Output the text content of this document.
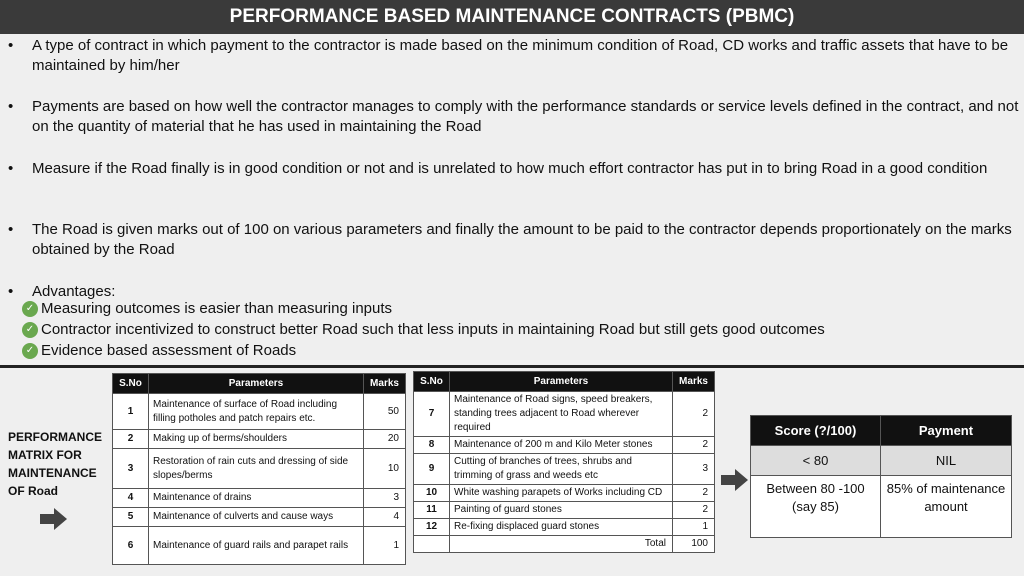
PERFORMANCE BASED MAINTENANCE CONTRACTS (PBMC)
•	A type of contract in which payment to the contractor is made based on the minimum condition of Road, CD works and traffic assets that have to be maintained by him/her
•	Payments are based on how well the contractor manages to comply with the performance standards or service levels defined in the contract, and not on the quantity of material that he has used in maintaining the Road
•	Measure if the Road finally is in good condition or not and is unrelated to how much effort contractor has put in to bring Road in a good condition
•	The Road is given marks out of 100 on various parameters and finally the amount to be paid to the contractor depends proportionately on the marks obtained by the Road
•	Advantages:
✓ Measuring outcomes is easier than measuring inputs
✓ Contractor incentivized to construct better Road such that less inputs in maintaining Road but still gets good outcomes
✓ Evidence based assessment of Roads
PERFORMANCE MATRIX FOR MAINTENANCE OF Road
S.No	Parameters	Marks
1	Maintenance of surface of Road including filling potholes and patch repairs etc.	50
2	Making up of berms/shoulders	20
3	Restoration of rain cuts and dressing of side slopes/berms	10
4	Maintenance of drains	3
5	Maintenance of culverts and cause ways	4
6	Maintenance of guard rails and parapet rails	1
S.No	Parameters	Marks
7	Maintenance of Road signs, speed breakers, standing trees adjacent to Road wherever required	2
8	Maintenance of 200 m and Kilo Meter stones	2
9	Cutting of branches of trees, shrubs and trimming of grass and weeds etc	3
10	White washing parapets of Works including CD	2
11	Painting of guard stones	2
12	Re-fixing displaced guard stones	1
	Total	100
Score (?/100)	Payment
< 80	NIL
Between 80 -100 (say 85)	85% of maintenance amount
